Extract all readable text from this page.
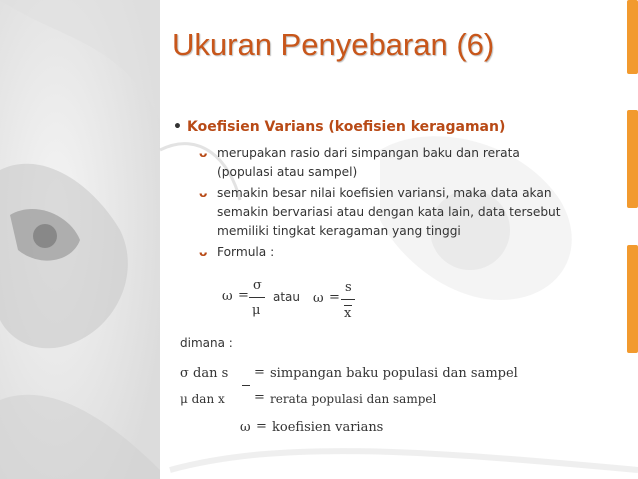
Ukuran Penyebaran (6)
• Koefisien Varians (koefisien keragaman)
ᴗ merupakan rasio dari simpangan baku dan rerata
(populasi atau sampel)
ᴗ semakin besar nilai koefisien variansi, maka data akan
semakin bervariasi atau dengan kata lain, data tersebut
memiliki tingkat keragaman yang tinggi
ᴗ Formula :
ω =
σ
μ
atau ω =
s
x
dimana :
σ dan s = simpangan baku populasi dan sampel
μ dan x = rerata populasi dan sampel
ω = koefisien varians
